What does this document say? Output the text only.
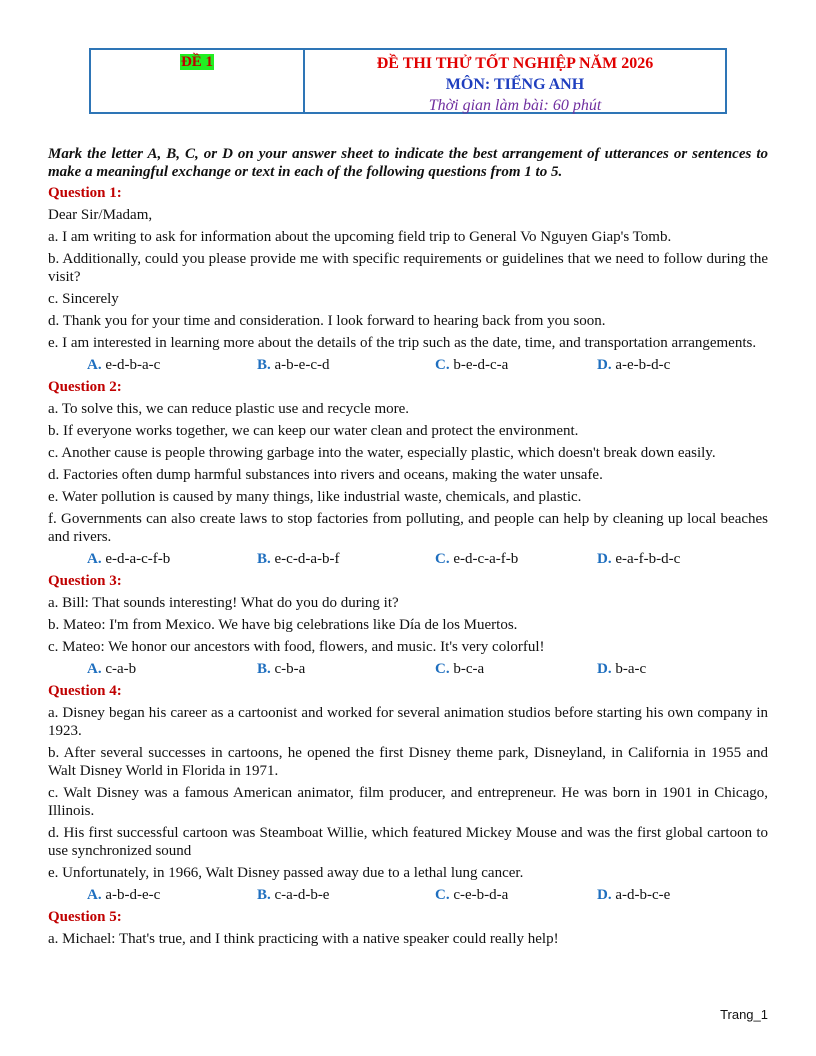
ĐỀ 1	ĐỀ THI THỬ TỐT NGHIỆP NĂM 2026
MÔN: TIẾNG ANH
Thời gian làm bài: 60 phút

Mark the letter A, B, C, or D on your answer sheet to indicate the best arrangement of utterances or sentences to make a meaningful exchange or text in each of the following questions from 1 to 5.

Question 1:
Dear Sir/Madam,
a. I am writing to ask for information about the upcoming field trip to General Vo Nguyen Giap's Tomb.
b. Additionally, could you please provide me with specific requirements or guidelines that we need to follow during the visit?
c. Sincerely
d. Thank you for your time and consideration. I look forward to hearing back from you soon.
e. I am interested in learning more about the details of the trip such as the date, time, and transportation arrangements.
A. e-d-b-a-c	B. a-b-e-c-d	C. b-e-d-c-a	D. a-e-b-d-c
Question 2:
a. To solve this, we can reduce plastic use and recycle more.
b. If everyone works together, we can keep our water clean and protect the environment.
c. Another cause is people throwing garbage into the water, especially plastic, which doesn't break down easily.
d. Factories often dump harmful substances into rivers and oceans, making the water unsafe.
e. Water pollution is caused by many things, like industrial waste, chemicals, and plastic.
f. Governments can also create laws to stop factories from polluting, and people can help by cleaning up local beaches and rivers.
A. e-d-a-c-f-b	B. e-c-d-a-b-f	C. e-d-c-a-f-b	D. e-a-f-b-d-c
Question 3:
a. Bill: That sounds interesting! What do you do during it?
b. Mateo: I'm from Mexico. We have big celebrations like Día de los Muertos.
c. Mateo: We honor our ancestors with food, flowers, and music. It's very colorful!
A. c-a-b	B. c-b-a	C. b-c-a	D. b-a-c
Question 4:
a. Disney began his career as a cartoonist and worked for several animation studios before starting his own company in 1923.
b. After several successes in cartoons, he opened the first Disney theme park, Disneyland, in California in 1955 and Walt Disney World in Florida in 1971.
c. Walt Disney was a famous American animator, film producer, and entrepreneur. He was born in 1901 in Chicago, Illinois.
d. His first successful cartoon was Steamboat Willie, which featured Mickey Mouse and was the first global cartoon to use synchronized sound
e. Unfortunately, in 1966, Walt Disney passed away due to a lethal lung cancer.
A. a-b-d-e-c	B. c-a-d-b-e	C. c-e-b-d-a	D. a-d-b-c-e
Question 5:
a. Michael: That's true, and I think practicing with a native speaker could really help!
Trang_1
